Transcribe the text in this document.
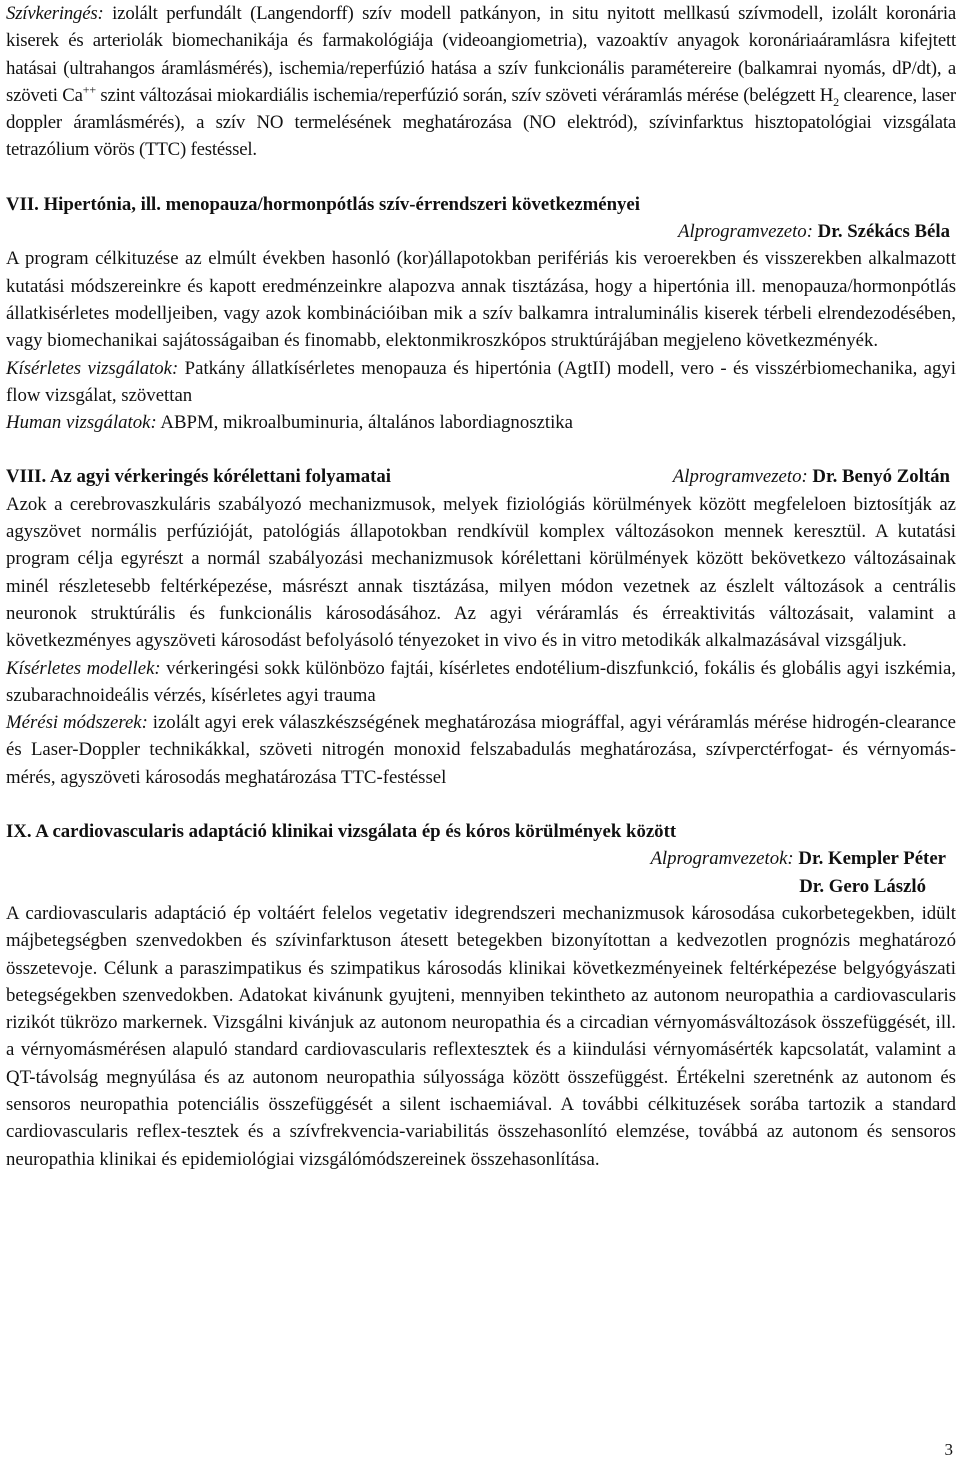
Szívkeringés: izolált perfundált (Langendorff) szív modell patkányon, in situ nyitott mellkasú szívmodell, izolált koronária kiserek és arteriolák biomechanikája és farmakológiája (videoangiometria), vazoaktív anyagok koronáriaáramlásra kifejtett hatásai (ultrahangos áramlásmérés), ischemia/reperfúzió hatása a szív funkcionális paramétereire (balkamrai nyomás, dP/dt), a szöveti Ca++ szint változásai miokardiális ischemia/reperfúzió során, szív szöveti véráramlás mérése (belégzett $H_2$ clearence, laser doppler áramlásmérés), a szív NO termelésének meghatározása (NO elektród), szívinfarktus hisztopatológiai vizsgálata tetrazólium vörös (TTC) festéssel.

VII. Hipertónia, ill. menopauza/hormonpótlás szív-érrendszeri következményei

Alprogramvezeto: Dr. Székács Béla

A program célkituzése az elmúlt években hasonló (kor)állapotokban perifériás kis veroerekben és visszerekben alkalmazott kutatási módszereinkre és kapott eredménzeinkre alapozva annak tisztázása, hogy a hipertónia ill. menopauza/hormonpótlás állatkisérletes modelljeiben, vagy azok kombinációiban mik a szív balkamra intraluminális kiserek térbeli elrendezodésében, vagy biomechanikai sajátosságaiban és finomabb, elektonmikroszkópos struktúrájában megjeleno következményék.

Kísérletes vizsgálatok: Patkány állatkísérletes menopauza és hipertónia (AgtII) modell, vero - és visszérbiomechanika, agyi flow vizsgálat, szövettan

Human vizsgálatok: ABPM, mikroalbuminuria, általános labordiagnosztika

VIII. Az agyi vérkeringés kórélettani folyamatai	Alprogramvezeto: Dr. Benyó Zoltán

Azok a cerebrovaszkuláris szabályozó mechanizmusok, melyek fiziológiás körülmények között megfeleloen biztosítják az agyszövet normális perfúzióját, patológiás állapotokban rendkívül komplex változásokon mennek keresztül. A kutatási program célja egyrészt a normál szabályozási mechanizmusok kórélettani körülmények között bekövetkezo változásainak minél részletesebb feltérképezése, másrészt annak tisztázása, milyen módon vezetnek az észlelt változások a centrális neuronok struktúrális és funkcionális károsodásához. Az agyi véráramlás és érreaktivitás változásait, valamint a következményes agyszöveti károsodást befolyásoló tényezoket in vivo és in vitro metodikák alkalmazásával vizsgáljuk.

Kísérletes modellek: vérkeringési sokk különbözo fajtái, kísérletes endotélium-diszfunkció, fokális és globális agyi iszkémia, szubarachnoideális vérzés, kísérletes agyi trauma

Mérési módszerek: izolált agyi erek válaszkészségének meghatározása miográffal, agyi véráramlás mérése hidrogén-clearance és Laser-Doppler technikákkal, szöveti nitrogén monoxid felszabadulás meghatározása, szívperctérfogat- és vérnyomás-mérés, agyszöveti károsodás meghatározása TTC-festéssel

IX. A cardiovascularis adaptáció klinikai vizsgálata ép és kóros körülmények között

Alprogramvezetok: Dr. Kempler Péter

Dr. Gero László

A cardiovascularis adaptáció ép voltáért felelos vegetativ idegrendszeri mechanizmusok károsodása cukorbetegekben, idült májbetegségben szenvedokben és szívinfarktuson átesett betegekben bizonyítottan a kedvezotlen prognózis meghatározó összetevoje. Célunk a paraszimpatikus és szimpatikus károsodás klinikai következményeinek feltérképezése belgyógyászati betegségekben szenvedokben. Adatokat kivánunk gyujteni, mennyiben tekintheto az autonom neuropathia a cardiovascularis rizikót tükrözo markernek. Vizsgálni kivánjuk az autonom neuropathia és a circadian vérnyomásváltozások összefüggését, ill. a vérnyomásmérésen alapuló standard cardiovascularis reflextesztek és a kiindulási vérnyomásérték kapcsolatát, valamint a QT-távolság megnyúlása és az autonom neuropathia súlyossága között összefüggést. Értékelni szeretnénk az autonom és sensoros neuropathia potenciális összefüggését a silent ischaemiával. A további célkituzések sorába tartozik a standard cardiovascularis reflex-tesztek és a szívfrekvencia-variabilitás összehasonlító elemzése, továbbá az autonom és sensoros neuropathia klinikai és epidemiológiai vizsgálómódszereinek összehasonlítása.

3
